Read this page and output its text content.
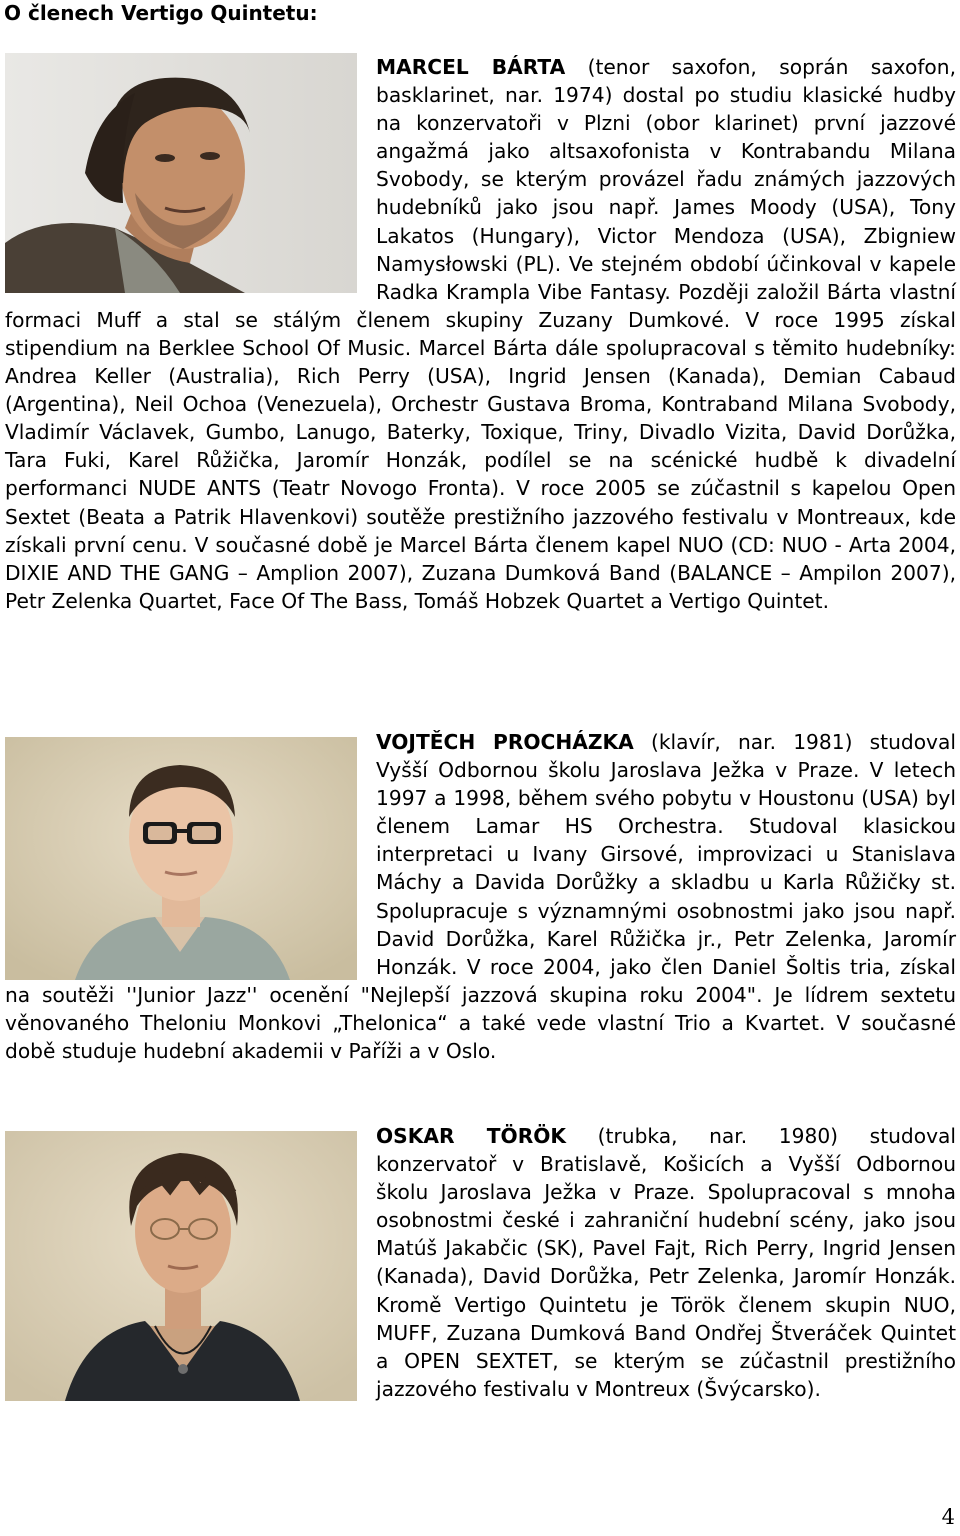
O členech Vertigo Quintetu:
MARCEL BÁRTA (tenor saxofon, soprán saxofon, basklarinet, nar. 1974) dostal po studiu klasické hudby na konzervatoři v Plzni (obor klarinet) první jazzové angažmá jako altsaxofonista v Kontrabandu Milana Svobody, se kterým provázel řadu známých jazzových hudebníků jako jsou např. James Moody (USA), Tony Lakatos (Hungary), Victor Mendoza (USA), Zbigniew Namysłowski (PL). Ve stejném období účinkoval v kapele Radka Krampla Vibe Fantasy. Později založil Bárta vlastní formaci Muff a stal se stálým členem skupiny Zuzany Dumkové. V roce 1995 získal stipendium na Berklee School Of Music. Marcel Bárta dále spolupracoval s těmito hudebníky: Andrea Keller (Australia), Rich Perry (USA), Ingrid Jensen (Kanada), Demian Cabaud (Argentina), Neil Ochoa (Venezuela), Orchestr Gustava Broma, Kontraband Milana Svobody, Vladimír Václavek, Gumbo, Lanugo, Baterky, Toxique, Triny, Divadlo Vizita, David Dorůžka, Tara Fuki, Karel Růžička, Jaromír Honzák, podílel se na scénické hudbě k divadelní performanci NUDE ANTS (Teatr Novogo Fronta). V roce 2005 se zúčastnil s kapelou Open Sextet (Beata a Patrik Hlavenkovi) soutěže prestižního jazzového festivalu v Montreaux, kde získali první cenu. V současné době je Marcel Bárta členem kapel NUO (CD: NUO - Arta 2004, DIXIE AND THE GANG – Amplion 2007), Zuzana Dumková Band (BALANCE – Ampilon 2007), Petr Zelenka Quartet, Face Of The Bass, Tomáš Hobzek Quartet a Vertigo Quintet.
VOJTĚCH PROCHÁZKA (klavír, nar. 1981) studoval Vyšší Odbornou školu Jaroslava Ježka v Praze. V letech 1997 a 1998, během svého pobytu v Houstonu (USA) byl členem Lamar HS Orchestra. Studoval klasickou interpretaci u Ivany Girsové, improvizaci u Stanislava Máchy a Davida Dorůžky a skladbu u Karla Růžičky st. Spolupracuje s významnými osobnostmi jako jsou např. David Dorůžka, Karel Růžička jr., Petr Zelenka, Jaromír Honzák. V roce 2004, jako člen Daniel Šoltis tria, získal na soutěži ''Junior Jazz'' ocenění "Nejlepší jazzová skupina roku 2004". Je lídrem sextetu věnovaného Theloniu Monkovi „Thelonica“ a také vede vlastní Trio a Kvartet. V současné době studuje hudební akademii v Paříži a v Oslo.
OSKAR TÖRÖK (trubka, nar. 1980) studoval konzervatoř v Bratislavě, Košicích a Vyšší Odbornou školu Jaroslava Ježka v Praze. Spolupracoval s mnoha osobnostmi české i zahraniční hudební scény, jako jsou Matúš Jakabčic (SK), Pavel Fajt, Rich Perry, Ingrid Jensen (Kanada), David Dorůžka, Petr Zelenka, Jaromír Honzák. Kromě Vertigo Quintetu je Török členem skupin NUO, MUFF, Zuzana Dumková Band Ondřej Štveráček Quintet a OPEN SEXTET, se kterým se zúčastnil prestižního jazzového festivalu v Montreux (Švýcarsko).
4
